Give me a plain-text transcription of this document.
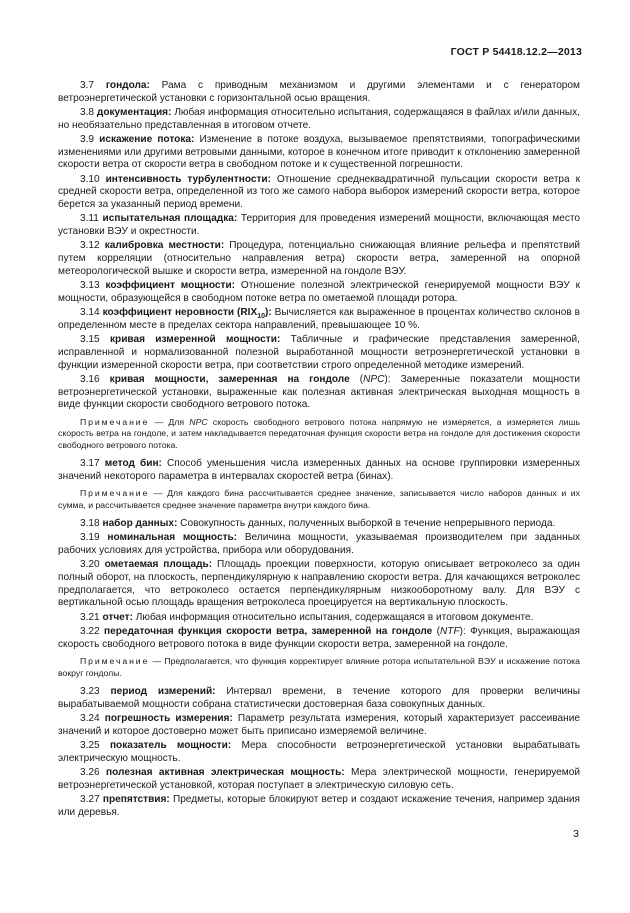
ГОСТ Р 54418.12.2—2013

3.7 гондола: Рама с приводным механизмом и другими элементами и с генератором ветроэнергетической установки с горизонтальной осью вращения.

3.8 документация: Любая информация относительно испытания, содержащаяся в файлах и/или данных, но необязательно представленная в итоговом отчете.

3.9 искажение потока: Изменение в потоке воздуха, вызываемое препятствиями, топографическими изменениями или другими ветровыми данными, которое в конечном итоге приводит к отклонению замеренной скорости ветра от скорости ветра в свободном потоке и к существенной погрешности.

3.10 интенсивность турбулентности: Отношение среднеквадратичной пульсации скорости ветра к средней скорости ветра, определенной из того же самого набора выборок измерений скорости ветра, которое берется за указанный период времени.

3.11 испытательная площадка: Территория для проведения измерений мощности, включающая место установки ВЭУ и окрестности.

3.12 калибровка местности: Процедура, потенциально снижающая влияние рельефа и препятствий путем корреляции (относительно направления ветра) скорости ветра, замеренной на опорной метеорологической вышке и скорости ветра, измеренной на гондоле ВЭУ.

3.13 коэффициент мощности: Отношение полезной электрической генерируемой мощности ВЭУ к мощности, образующейся в свободном потоке ветра по ометаемой площади ротора.

3.14 коэффициент неровности $(RIX_{10})$: Вычисляется как выраженное в процентах количество склонов в определенном месте в пределах сектора направлений, превышающее 10 %.

3.15 кривая измеренной мощности: Табличные и графические представления замеренной, исправленной и нормализованной полезной выработанной мощности ветроэнергетической установки в функции измеренной скорости ветра, при соответствии строго определенной методике измерений.

3.16 кривая мощности, замеренная на гондоле (NPC): Замеренные показатели мощности ветроэнергетической установки, выраженные как полезная активная электрическая выходная мощность в виде функции скорости свободного ветрового потока.

Примечание — Для NPC скорость свободного ветрового потока напрямую не измеряется, а измеряется лишь скорость ветра на гондоле, и затем накладывается передаточная функция скорости ветра на гондоле для достижения скорости свободного ветрового потока.

3.17 метод бин: Способ уменьшения числа измеренных данных на основе группировки измеренных значений некоторого параметра в интервалах скоростей ветра (бинах).

Примечание — Для каждого бина рассчитывается среднее значение, записывается число наборов данных и их сумма, и рассчитывается среднее значение параметра внутри каждого бина.

3.18 набор данных: Совокупность данных, полученных выборкой в течение непрерывного периода.

3.19 номинальная мощность: Величина мощности, указываемая производителем при заданных рабочих условиях для устройства, прибора или оборудования.

3.20 ометаемая площадь: Площадь проекции поверхности, которую описывает ветроколесо за один полный оборот, на плоскость, перпендикулярную к направлению скорости ветра. Для качающихся ветроколес предполагается, что ветроколесо остается перпендикулярным низкооборотному валу. Для ВЭУ с вертикальной осью площадь вращения ветроколеса проецируется на вертикальную плоскость.

3.21 отчет: Любая информация относительно испытания, содержащаяся в итоговом документе.

3.22 передаточная функция скорости ветра, замеренной на гондоле (NTF): Функция, выражающая скорость свободного ветрового потока в виде функции скорости ветра, замеренной на гондоле.

Примечание — Предполагается, что функция корректирует влияние ротора испытательной ВЭУ и искажение потока вокруг гондолы.

3.23 период измерений: Интервал времени, в течение которого для проверки величины вырабатываемой мощности собрана статистически достоверная база совокупных данных.

3.24 погрешность измерения: Параметр результата измерения, который характеризует рассеивание значений и которое достоверно может быть приписано измеряемой величине.

3.25 показатель мощности: Мера способности ветроэнергетической установки вырабатывать электрическую мощность.

3.26 полезная активная электрическая мощность: Мера электрической мощности, генерируемой ветроэнергетической установкой, которая поступает в электрическую силовую сеть.

3.27 препятствия: Предметы, которые блокируют ветер и создают искажение течения, например здания или деревья.

3
